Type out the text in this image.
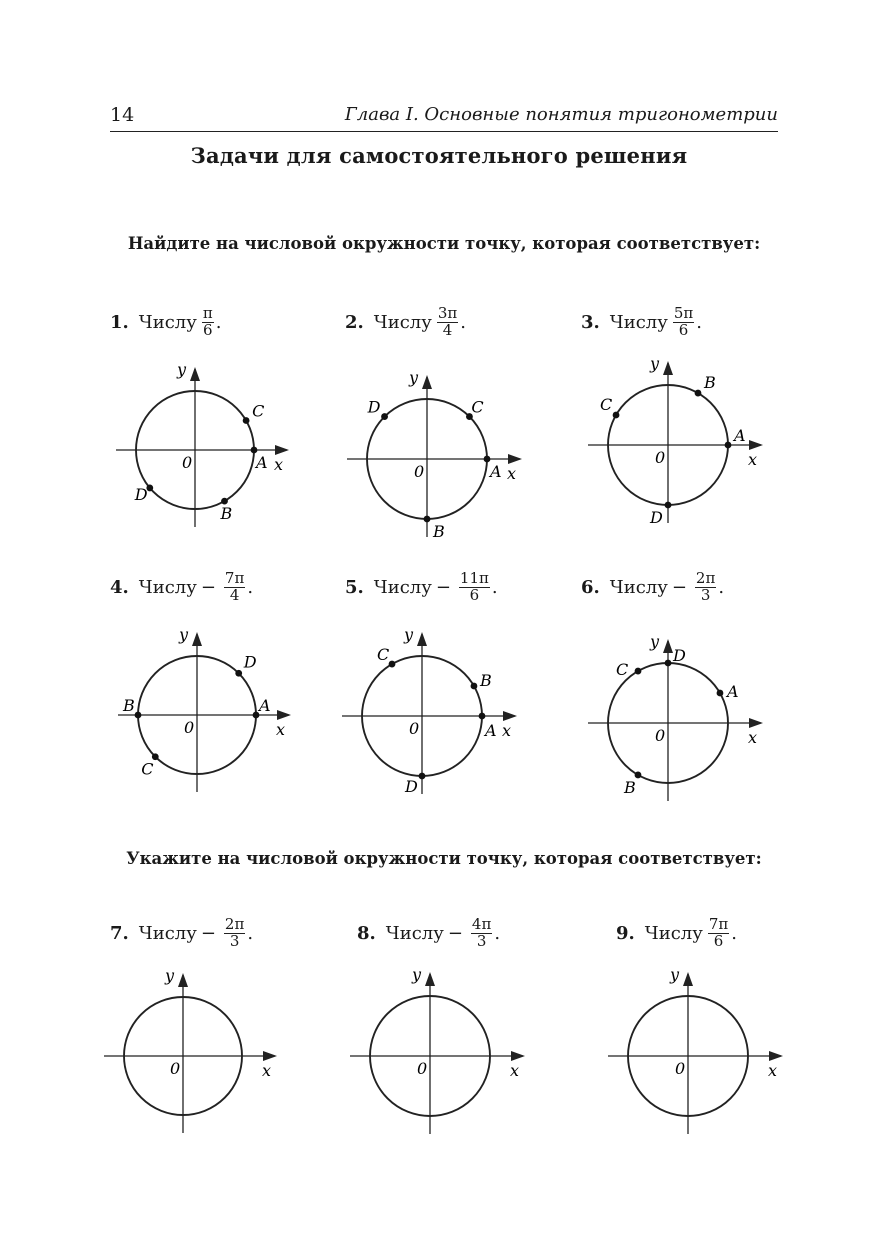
14	Глава I. Основные понятия тригонометрии
Задачи для самостоятельного решения
Найдите на числовой окружности точку, которая соответствует:
Укажите на числовой окружности точку, которая соответствует:
1. Числу $\frac{\pi}{6}$ .
x
y
0
C
A
D
B
2. Числу $\frac{3\pi}{4}$ .
x
y
0
D	C
A
B
3. Числу $\frac{5\pi}{6}$ .
x
y
0
C
B
A
D
4. Числу − $\frac{7\pi}{4}$ .
x
y
0
D
B	A
C
5. Числу − $\frac{11\pi}{6}$ .
x
y
0
C
B
A
D
6. Числу − $\frac{2\pi}{3}$ .
x
y
0
C
D
A
B
7. Числу − $\frac{2\pi}{3}$ .
x
y
0
8. Числу − $\frac{4\pi}{3}$ .
x
y
0
9. Числу $\frac{7\pi}{6}$ .
x
y
0
